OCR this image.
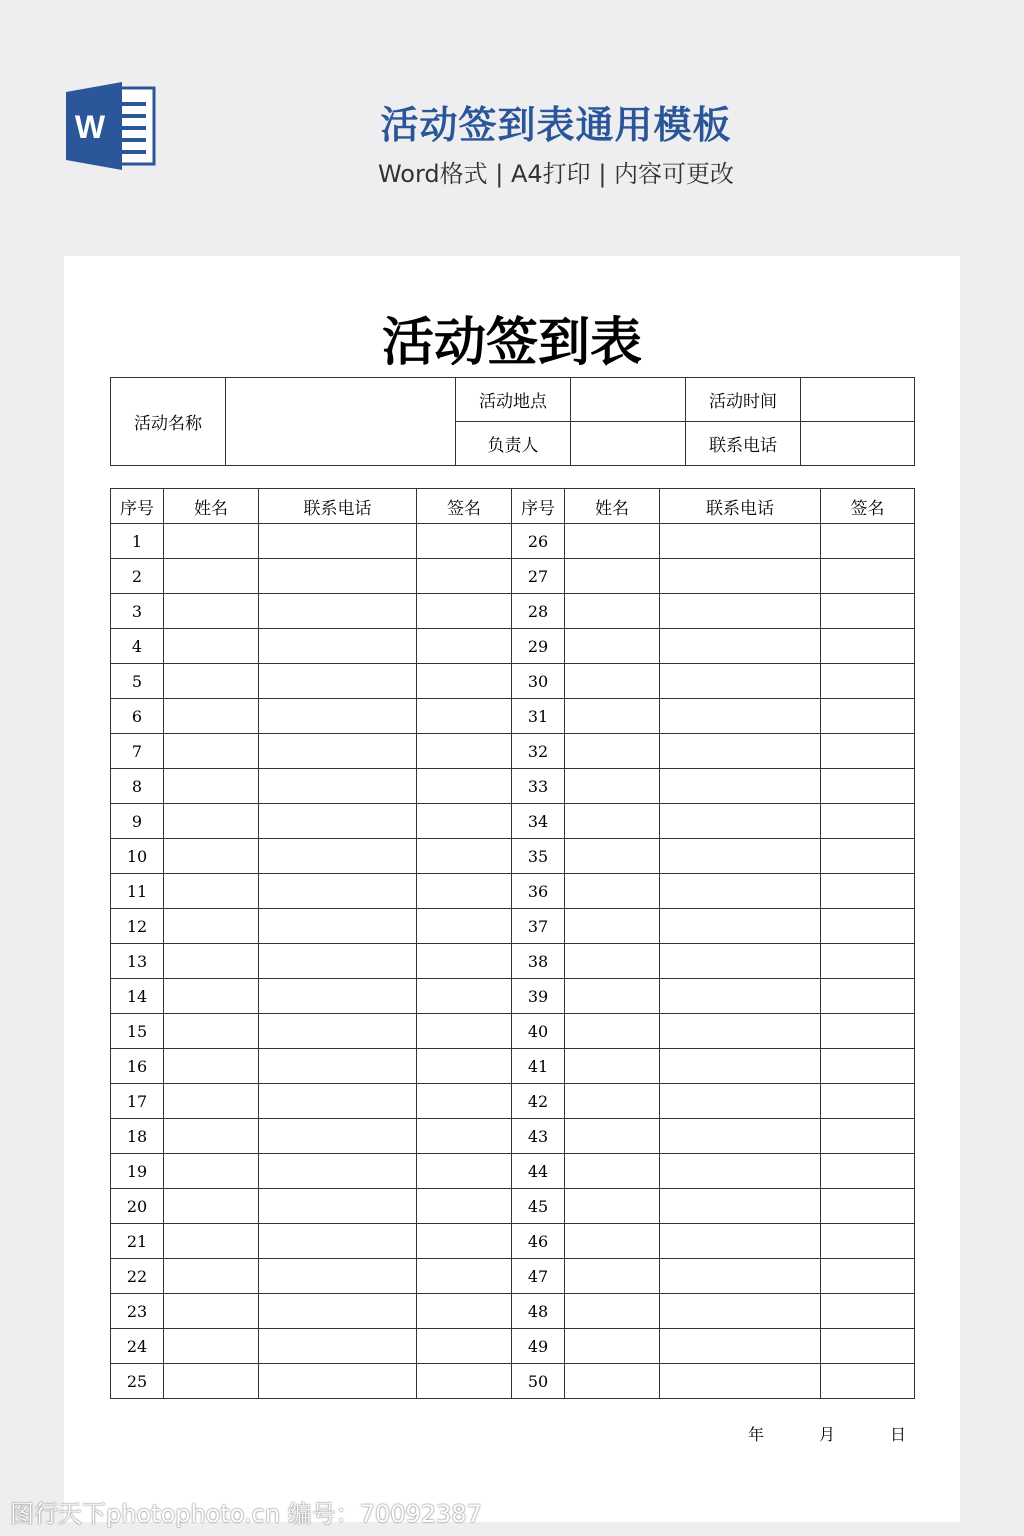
W	活动签到表通用模板
Word格式 | A4打印 | 内容可更改
活动签到表
活动名称		活动地点		活动时间	
		负责人		联系电话	
序号	姓名	联系电话	签名	序号	姓名	联系电话	签名
1				26			
2				27			
3				28			
4				29			
5				30			
6				31			
7				32			
8				33			
9				34			
10				35			
11				36			
12				37			
13				38			
14				39			
15				40			
16				41			
17				42			
18				43			
19				44			
20				45			
21				46			
22				47			
23				48			
24				49			
25				50			
年	月	日
图行天下photophoto.cn 编号：70092387
